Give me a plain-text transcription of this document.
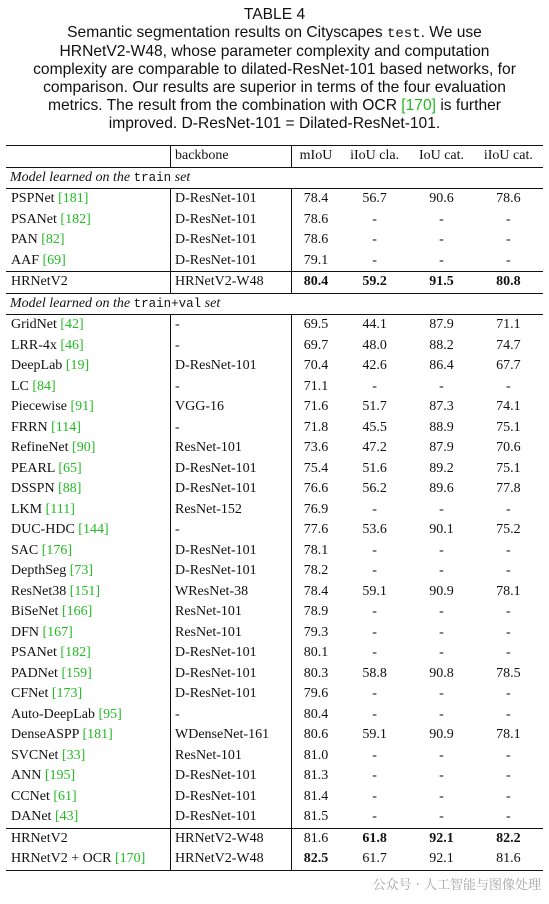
TABLE 4
Semantic segmentation results on Cityscapes test. We use
HRNetV2-W48, whose parameter complexity and computation
complexity are comparable to dilated-ResNet-101 based networks, for
comparison. Our results are superior in terms of the four evaluation
metrics. The result from the combination with OCR [170] is further
improved. D-ResNet-101 = Dilated-ResNet-101.
	backbone	mIoU	iIoU cla.	IoU cat.	iIoU cat.
Model learned on the train set					
PSPNet [181]	D-ResNet-101	78.4	56.7	90.6	78.6
PSANet [182]	D-ResNet-101	78.6	-	-	-
PAN [82]	D-ResNet-101	78.6	-	-	-
AAF [69]	D-ResNet-101	79.1	-	-	-
HRNetV2	HRNetV2-W48	80.4	59.2	91.5	80.8
Model learned on the train+val set					
GridNet [42]	-	69.5	44.1	87.9	71.1
LRR-4x [46]	-	69.7	48.0	88.2	74.7
DeepLab [19]	D-ResNet-101	70.4	42.6	86.4	67.7
LC [84]	-	71.1	-	-	-
Piecewise [91]	VGG-16	71.6	51.7	87.3	74.1
FRRN [114]	-	71.8	45.5	88.9	75.1
RefineNet [90]	ResNet-101	73.6	47.2	87.9	70.6
PEARL [65]	D-ResNet-101	75.4	51.6	89.2	75.1
DSSPN [88]	D-ResNet-101	76.6	56.2	89.6	77.8
LKM [111]	ResNet-152	76.9	-	-	-
DUC-HDC [144]	-	77.6	53.6	90.1	75.2
SAC [176]	D-ResNet-101	78.1	-	-	-
DepthSeg [73]	D-ResNet-101	78.2	-	-	-
ResNet38 [151]	WResNet-38	78.4	59.1	90.9	78.1
BiSeNet [166]	ResNet-101	78.9	-	-	-
DFN [167]	ResNet-101	79.3	-	-	-
PSANet [182]	D-ResNet-101	80.1	-	-	-
PADNet [159]	D-ResNet-101	80.3	58.8	90.8	78.5
CFNet [173]	D-ResNet-101	79.6	-	-	-
Auto-DeepLab [95]	-	80.4	-	-	-
DenseASPP [181]	WDenseNet-161	80.6	59.1	90.9	78.1
SVCNet [33]	ResNet-101	81.0	-	-	-
ANN [195]	D-ResNet-101	81.3	-	-	-
CCNet [61]	D-ResNet-101	81.4	-	-	-
DANet [43]	D-ResNet-101	81.5	-	-	-
HRNetV2	HRNetV2-W48	81.6	61.8	92.1	82.2
HRNetV2 + OCR [170]	HRNetV2-W48	82.5	61.7	92.1	81.6
公众号 · 人工智能与图像处理
